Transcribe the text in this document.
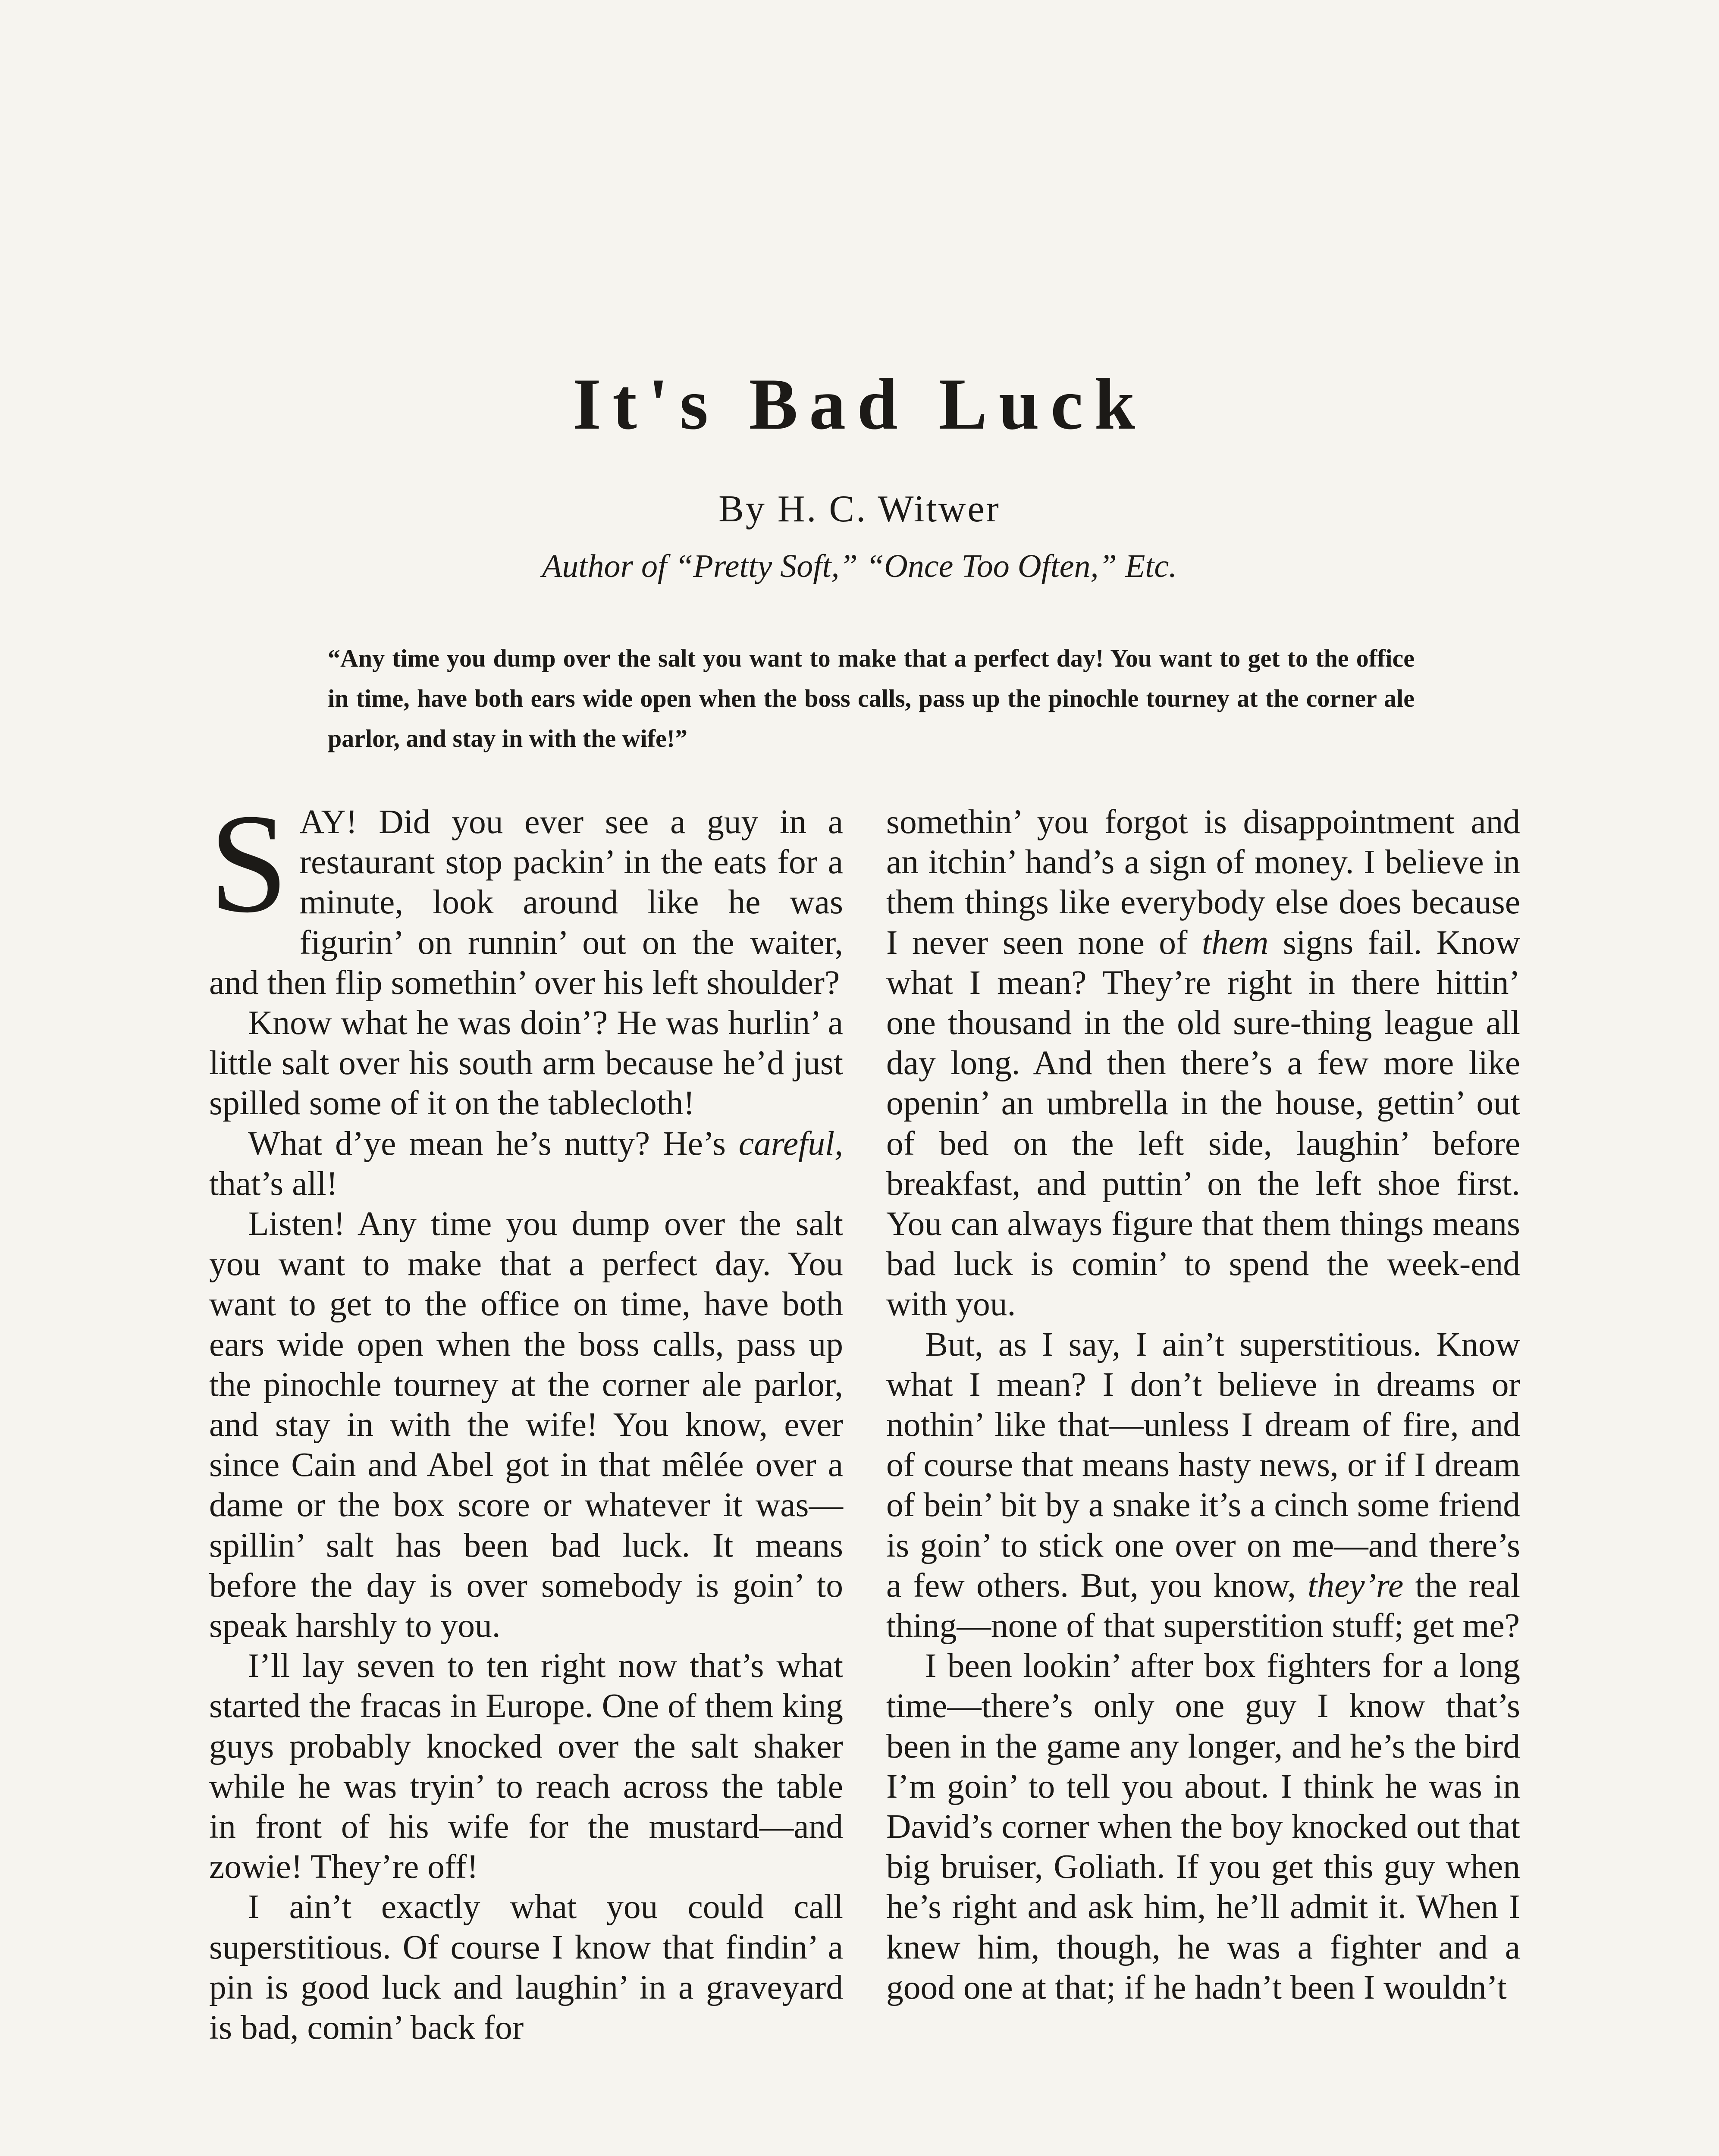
It's Bad Luck
By H. C. Witwer
Author of “Pretty Soft,” “Once Too Often,” Etc.

“Any time you dump over the salt you want to make that a perfect day! You want to get to the office in time, have both ears wide open when the boss calls, pass up the pinochle tourney at the corner ale parlor, and stay in with the wife!”

SAY! Did you ever see a guy in a restaurant stop packin’ in the eats for a minute, look around like he was figurin’ on runnin’ out on the waiter, and then flip somethin’ over his left shoulder?

Know what he was doin’? He was hurlin’ a little salt over his south arm because he’d just spilled some of it on the tablecloth!

What d’ye mean he’s nutty? He’s careful, that’s all!

Listen! Any time you dump over the salt you want to make that a perfect day. You want to get to the office on time, have both ears wide open when the boss calls, pass up the pinochle tourney at the corner ale parlor, and stay in with the wife! You know, ever since Cain and Abel got in that mêlée over a dame or the box score or whatever it was—spillin’ salt has been bad luck. It means before the day is over somebody is goin’ to speak harshly to you.

I’ll lay seven to ten right now that’s what started the fracas in Europe. One of them king guys probably knocked over the salt shaker while he was tryin’ to reach across the table in front of his wife for the mustard—and zowie! They’re off!

I ain’t exactly what you could call superstitious. Of course I know that findin’ a pin is good luck and laughin’ in a graveyard is bad, comin’ back for

somethin’ you forgot is disappointment and an itchin’ hand’s a sign of money. I believe in them things like everybody else does because I never seen none of them signs fail. Know what I mean? They’re right in there hittin’ one thousand in the old sure-thing league all day long. And then there’s a few more like openin’ an umbrella in the house, gettin’ out of bed on the left side, laughin’ before breakfast, and puttin’ on the left shoe first. You can always figure that them things means bad luck is comin’ to spend the week-end with you.

But, as I say, I ain’t superstitious. Know what I mean? I don’t believe in dreams or nothin’ like that—unless I dream of fire, and of course that means hasty news, or if I dream of bein’ bit by a snake it’s a cinch some friend is goin’ to stick one over on me—and there’s a few others. But, you know, they’re the real thing—none of that superstition stuff; get me?

I been lookin’ after box fighters for a long time—there’s only one guy I know that’s been in the game any longer, and he’s the bird I’m goin’ to tell you about. I think he was in David’s corner when the boy knocked out that big bruiser, Goliath. If you get this guy when he’s right and ask him, he’ll admit it. When I knew him, though, he was a fighter and a good one at that; if he hadn’t been I wouldn’t
